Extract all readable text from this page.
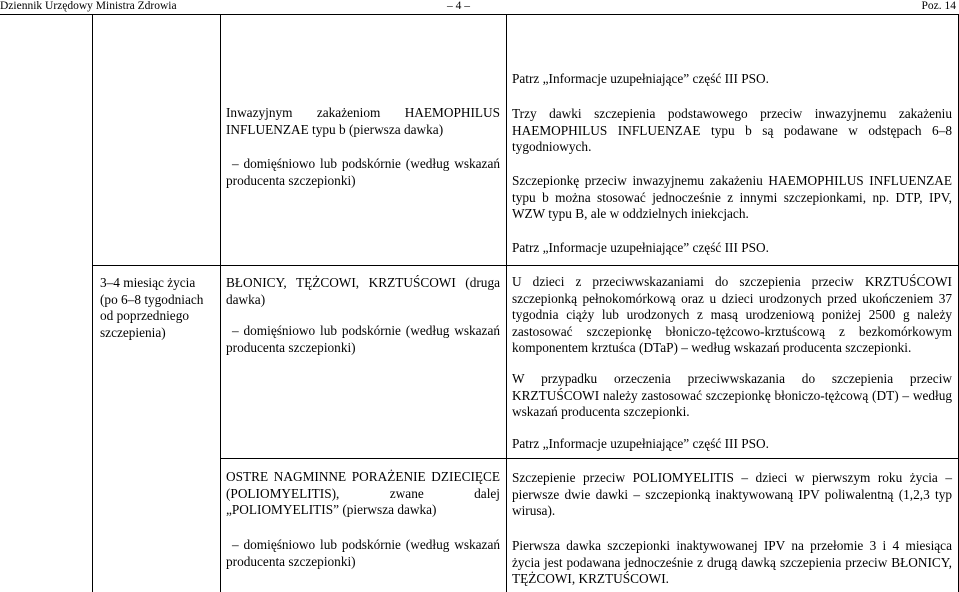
Dziennik Urzędowy Ministra Zdrowia	– 4 –	Poz. 14
Patrz „Informacje uzupełniające” część III PSO.
Inwazyjnym zakażeniom HAEMOPHILUS INFLUENZAE typu b (pierwsza dawka)
– domięśniowo lub podskórnie (według wskazań producenta szczepionki)
Trzy dawki szczepienia podstawowego przeciw inwazyjnemu zakażeniu HAEMOPHILUS INFLUENZAE typu b są podawane w odstępach 6–8 tygodniowych.
Szczepionkę przeciw inwazyjnemu zakażeniu HAEMOPHILUS INFLUENZAE typu b można stosować jednocześnie z innymi szczepionkami, np. DTP, IPV, WZW typu B, ale w oddzielnych iniekcjach.
Patrz „Informacje uzupełniające” część III PSO.

3–4 miesiąc życia

(po 6–8 tygodniach

od poprzedniego

szczepienia)

BŁONICY, TĘŻCOWI, KRZTUŚCOWI (druga dawka)
– domięśniowo lub podskórnie (według wskazań producenta szczepionki)
U dzieci z przeciwwskazaniami do szczepienia przeciw KRZTUŚCOWI szczepionką pełnokomórkową oraz u dzieci urodzonych przed ukończeniem 37 tygodnia ciąży lub urodzonych z masą urodzeniową poniżej 2500 g należy zastosować szczepionkę błoniczo-tężcowo-krztuścową z bezkomórkowym komponentem krztuśca (DTaP) – według wskazań producenta szczepionki.
W przypadku orzeczenia przeciwwskazania do szczepienia przeciw KRZTUŚCOWI należy zastosować szczepionkę błoniczo-tężcową (DT) – według wskazań producenta szczepionki.
Patrz „Informacje uzupełniające” część III PSO.
OSTRE NAGMINNE PORAŻENIE DZIECIĘCE (POLIOMYELITIS), zwane dalej „POLIOMYELITIS” (pierwsza dawka)
– domięśniowo lub podskórnie (według wskazań producenta szczepionki)
Szczepienie przeciw POLIOMYELITIS – dzieci w pierwszym roku życia – pierwsze dwie dawki – szczepionką inaktywowaną IPV poliwalentną (1,2,3 typ wirusa).
Pierwsza dawka szczepionki inaktywowanej IPV na przełomie 3 i 4 miesiąca życia jest podawana jednocześnie z drugą dawką szczepienia przeciw BŁONICY, TĘŻCOWI, KRZTUŚCOWI.
